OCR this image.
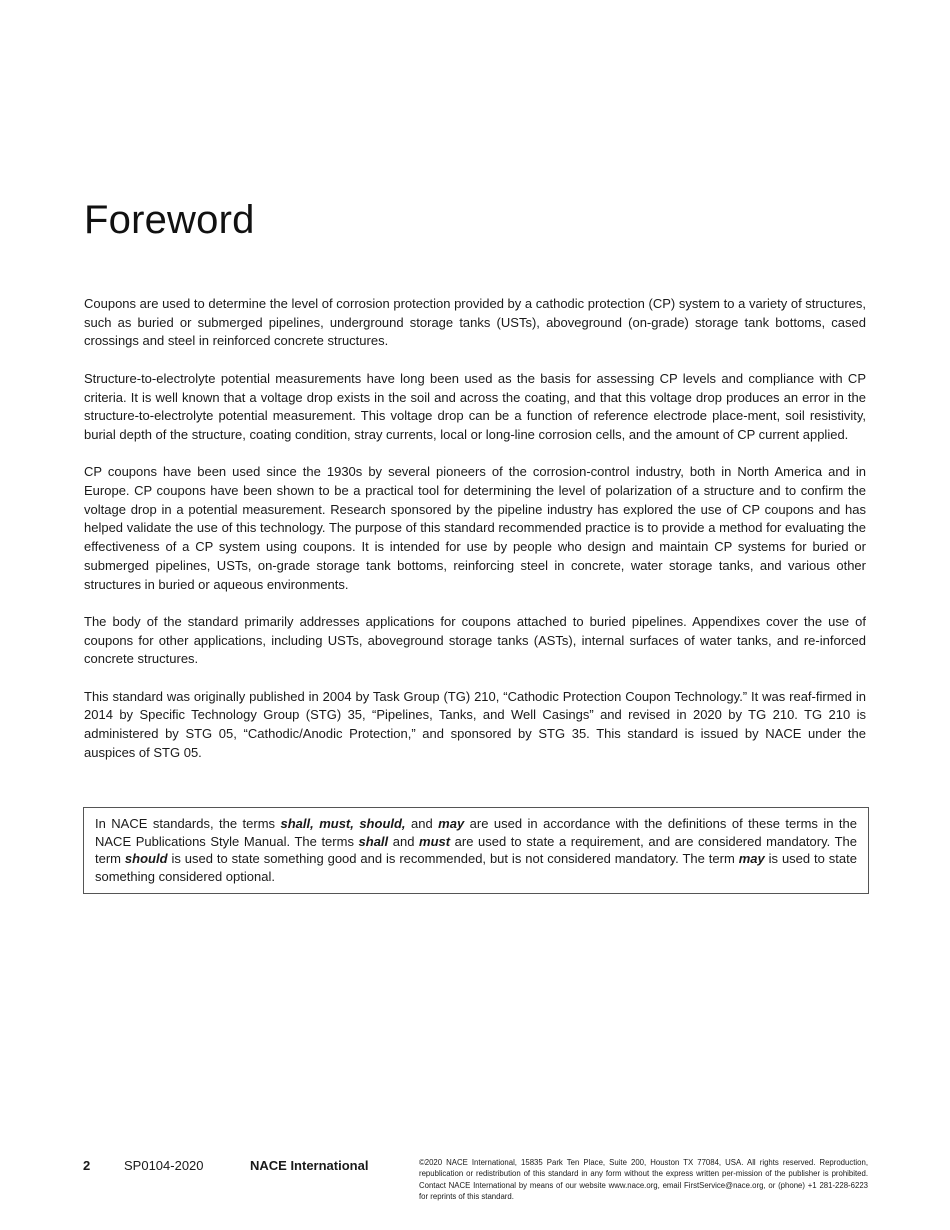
Foreword

Coupons are used to determine the level of corrosion protection provided by a cathodic protection (CP) system to a variety of structures, such as buried or submerged pipelines, underground storage tanks (USTs), aboveground (on-grade) storage tank bottoms, cased crossings and steel in reinforced concrete structures.

Structure-to-electrolyte potential measurements have long been used as the basis for assessing CP levels and compliance with CP criteria. It is well known that a voltage drop exists in the soil and across the coating, and that this voltage drop produces an error in the structure-to-electrolyte potential measurement. This voltage drop can be a function of reference electrode place-ment, soil resistivity, burial depth of the structure, coating condition, stray currents, local or long-line corrosion cells, and the amount of CP current applied.

CP coupons have been used since the 1930s by several pioneers of the corrosion-control industry, both in North America and in Europe. CP coupons have been shown to be a practical tool for determining the level of polarization of a structure and to confirm the voltage drop in a potential measurement. Research sponsored by the pipeline industry has explored the use of CP coupons and has helped validate the use of this technology. The purpose of this standard recommended practice is to provide a method for evaluating the effectiveness of a CP system using coupons. It is intended for use by people who design and maintain CP systems for buried or submerged pipelines, USTs, on-grade storage tank bottoms, reinforcing steel in concrete, water storage tanks, and various other structures in buried or aqueous environments.

The body of the standard primarily addresses applications for coupons attached to buried pipelines. Appendixes cover the use of coupons for other applications, including USTs, aboveground storage tanks (ASTs), internal surfaces of water tanks, and re-inforced concrete structures.

This standard was originally published in 2004 by Task Group (TG) 210, “Cathodic Protection Coupon Technology.” It was reaf-firmed in 2014 by Specific Technology Group (STG) 35, “Pipelines, Tanks, and Well Casings” and revised in 2020 by TG 210. TG 210 is administered by STG 05, “Cathodic/Anodic Protection,” and sponsored by STG 35. This standard is issued by NACE under the auspices of STG 05.

In NACE standards, the terms shall, must, should, and may are used in accordance with the definitions of these terms in the NACE Publications Style Manual. The terms shall and must are used to state a requirement, and are considered mandatory. The term should is used to state something good and is recommended, but is not considered mandatory. The term may is used to state something considered optional.
2	SP0104-2020	NACE International	©2020 NACE International, 15835 Park Ten Place, Suite 200, Houston TX 77084, USA. All rights reserved. Reproduction, republication or redistribution of this standard in any form without the express written per-mission of the publisher is prohibited. Contact NACE International by means of our website www.nace.org, email FirstService@nace.org, or (phone) +1 281-228-6223 for reprints of this standard.
